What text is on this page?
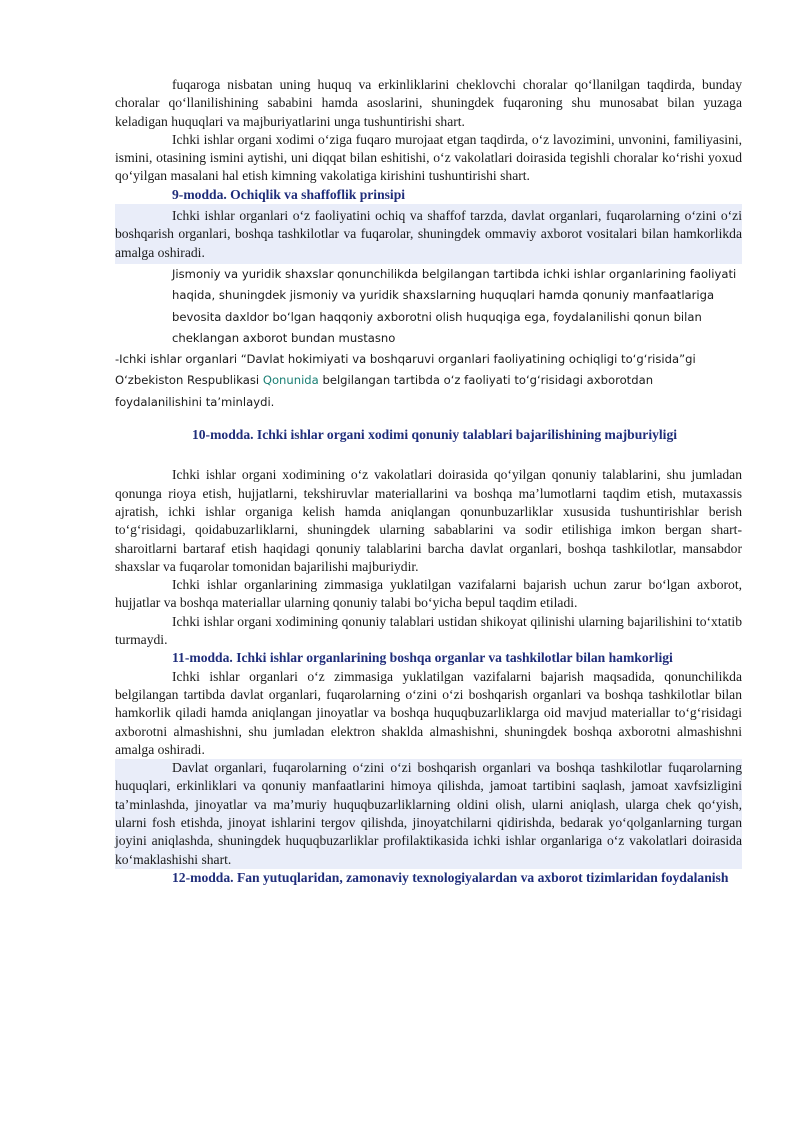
fuqaroga nisbatan uning huquq va erkinliklarini cheklovchi choralar qo‘llanilgan taqdirda, bunday choralar qo‘llanilishining sababini hamda asoslarini, shuningdek fuqaroning shu munosabat bilan yuzaga keladigan huquqlari va majburiyatlarini unga tushuntirishi shart.

Ichki ishlar organi xodimi o‘ziga fuqaro murojaat etgan taqdirda, o‘z lavozimini, unvonini, familiyasini, ismini, otasining ismini aytishi, uni diqqat bilan eshitishi, o‘z vakolatlari doirasida tegishli choralar ko‘rishi yoxud qo‘yilgan masalani hal etish kimning vakolatiga kirishini tushuntirishi shart.

9-modda. Ochiqlik va shaffoflik prinsipi

Ichki ishlar organlari o‘z faoliyatini ochiq va shaffof tarzda, davlat organlari, fuqarolarning o‘zini o‘zi boshqarish organlari, boshqa tashkilotlar va fuqarolar, shuningdek ommaviy axborot vositalari bilan hamkorlikda amalga oshiradi.

Jismoniy va yuridik shaxslar qonunchilikda belgilangan tartibda ichki ishlar organlarining faoliyati haqida, shuningdek jismoniy va yuridik shaxslarning huquqlari hamda qonuniy manfaatlariga bevosita daxldor bo‘lgan haqqoniy axborotni olish huquqiga ega, foydalanilishi qonun bilan cheklangan axborot bundan mustasno

-Ichki ishlar organlari “Davlat hokimiyati va boshqaruvi organlari faoliyatining ochiqligi to‘g‘risida”gi O‘zbekiston Respublikasi Qonunida belgilangan tartibda o‘z faoliyati to‘g‘risidagi axborotdan foydalanilishini ta’minlaydi.

10-modda. Ichki ishlar organi xodimi qonuniy talablari bajarilishining majburiyligi

Ichki ishlar organi xodimining o‘z vakolatlari doirasida qo‘yilgan qonuniy talablarini, shu jumladan qonunga rioya etish, hujjatlarni, tekshiruvlar materiallarini va boshqa ma’lumotlarni taqdim etish, mutaxassis ajratish, ichki ishlar organiga kelish hamda aniqlangan qonunbuzarliklar xususida tushuntirishlar berish to‘g‘risidagi, qoidabuzarliklarni, shuningdek ularning sabablarini va sodir etilishiga imkon bergan shart-sharoitlarni bartaraf etish haqidagi qonuniy talablarini barcha davlat organlari, boshqa tashkilotlar, mansabdor shaxslar va fuqarolar tomonidan bajarilishi majburiydir.

Ichki ishlar organlarining zimmasiga yuklatilgan vazifalarni bajarish uchun zarur bo‘lgan axborot, hujjatlar va boshqa materiallar ularning qonuniy talabi bo‘yicha bepul taqdim etiladi.

Ichki ishlar organi xodimining qonuniy talablari ustidan shikoyat qilinishi ularning bajarilishini to‘xtatib turmaydi.

11-modda. Ichki ishlar organlarining boshqa organlar va tashkilotlar bilan hamkorligi

Ichki ishlar organlari o‘z zimmasiga yuklatilgan vazifalarni bajarish maqsadida, qonunchilikda belgilangan tartibda davlat organlari, fuqarolarning o‘zini o‘zi boshqarish organlari va boshqa tashkilotlar bilan hamkorlik qiladi hamda aniqlangan jinoyatlar va boshqa huquqbuzarliklarga oid mavjud materiallar to‘g‘risidagi axborotni almashishni, shu jumladan elektron shaklda almashishni, shuningdek boshqa axborotni almashishni amalga oshiradi.

Davlat organlari, fuqarolarning o‘zini o‘zi boshqarish organlari va boshqa tashkilotlar fuqarolarning huquqlari, erkinliklari va qonuniy manfaatlarini himoya qilishda, jamoat tartibini saqlash, jamoat xavfsizligini ta’minlashda, jinoyatlar va ma’muriy huquqbuzarliklarning oldini olish, ularni aniqlash, ularga chek qo‘yish, ularni fosh etishda, jinoyat ishlarini tergov qilishda, jinoyatchilarni qidirishda, bedarak yo‘qolganlarning turgan joyini aniqlashda, shuningdek huquqbuzarliklar profilaktikasida ichki ishlar organlariga o‘z vakolatlari doirasida ko‘maklashishi shart.

12-modda. Fan yutuqlaridan, zamonaviy texnologiyalardan va axborot tizimlaridan foydalanish
